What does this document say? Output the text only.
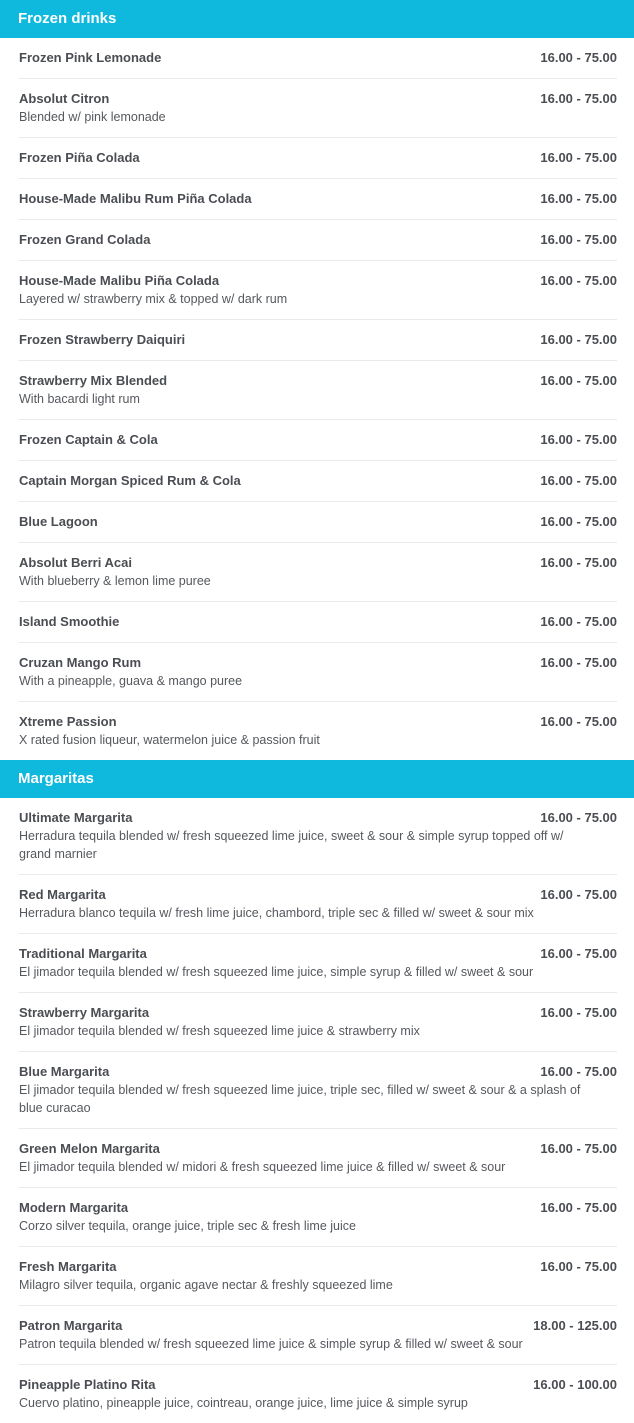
Frozen drinks
Frozen Pink Lemonade	16.00 - 75.00
Absolut Citron	16.00 - 75.00
Blended w/ pink lemonade
Frozen Piña Colada	16.00 - 75.00
House-Made Malibu Rum Piña Colada	16.00 - 75.00
Frozen Grand Colada	16.00 - 75.00
House-Made Malibu Piña Colada	16.00 - 75.00
Layered w/ strawberry mix & topped w/ dark rum
Frozen Strawberry Daiquiri	16.00 - 75.00
Strawberry Mix Blended	16.00 - 75.00
With bacardi light rum
Frozen Captain & Cola	16.00 - 75.00
Captain Morgan Spiced Rum & Cola	16.00 - 75.00
Blue Lagoon	16.00 - 75.00
Absolut Berri Acai	16.00 - 75.00
With blueberry & lemon lime puree
Island Smoothie	16.00 - 75.00
Cruzan Mango Rum	16.00 - 75.00
With a pineapple, guava & mango puree
Xtreme Passion	16.00 - 75.00
X rated fusion liqueur, watermelon juice & passion fruit
Margaritas
Ultimate Margarita	16.00 - 75.00
Herradura tequila blended w/ fresh squeezed lime juice, sweet & sour & simple syrup topped off w/ grand marnier
Red Margarita	16.00 - 75.00
Herradura blanco tequila w/ fresh lime juice, chambord, triple sec & filled w/ sweet & sour mix
Traditional Margarita	16.00 - 75.00
El jimador tequila blended w/ fresh squeezed lime juice, simple syrup & filled w/ sweet & sour
Strawberry Margarita	16.00 - 75.00
El jimador tequila blended w/ fresh squeezed lime juice & strawberry mix
Blue Margarita	16.00 - 75.00
El jimador tequila blended w/ fresh squeezed lime juice, triple sec, filled w/ sweet & sour & a splash of blue curacao
Green Melon Margarita	16.00 - 75.00
El jimador tequila blended w/ midori & fresh squeezed lime juice & filled w/ sweet & sour
Modern Margarita	16.00 - 75.00
Corzo silver tequila, orange juice, triple sec & fresh lime juice
Fresh Margarita	16.00 - 75.00
Milagro silver tequila, organic agave nectar & freshly squeezed lime
Patron Margarita	18.00 - 125.00
Patron tequila blended w/ fresh squeezed lime juice & simple syrup & filled w/ sweet & sour
Pineapple Platino Rita	16.00 - 100.00
Cuervo platino, pineapple juice, cointreau, orange juice, lime juice & simple syrup
